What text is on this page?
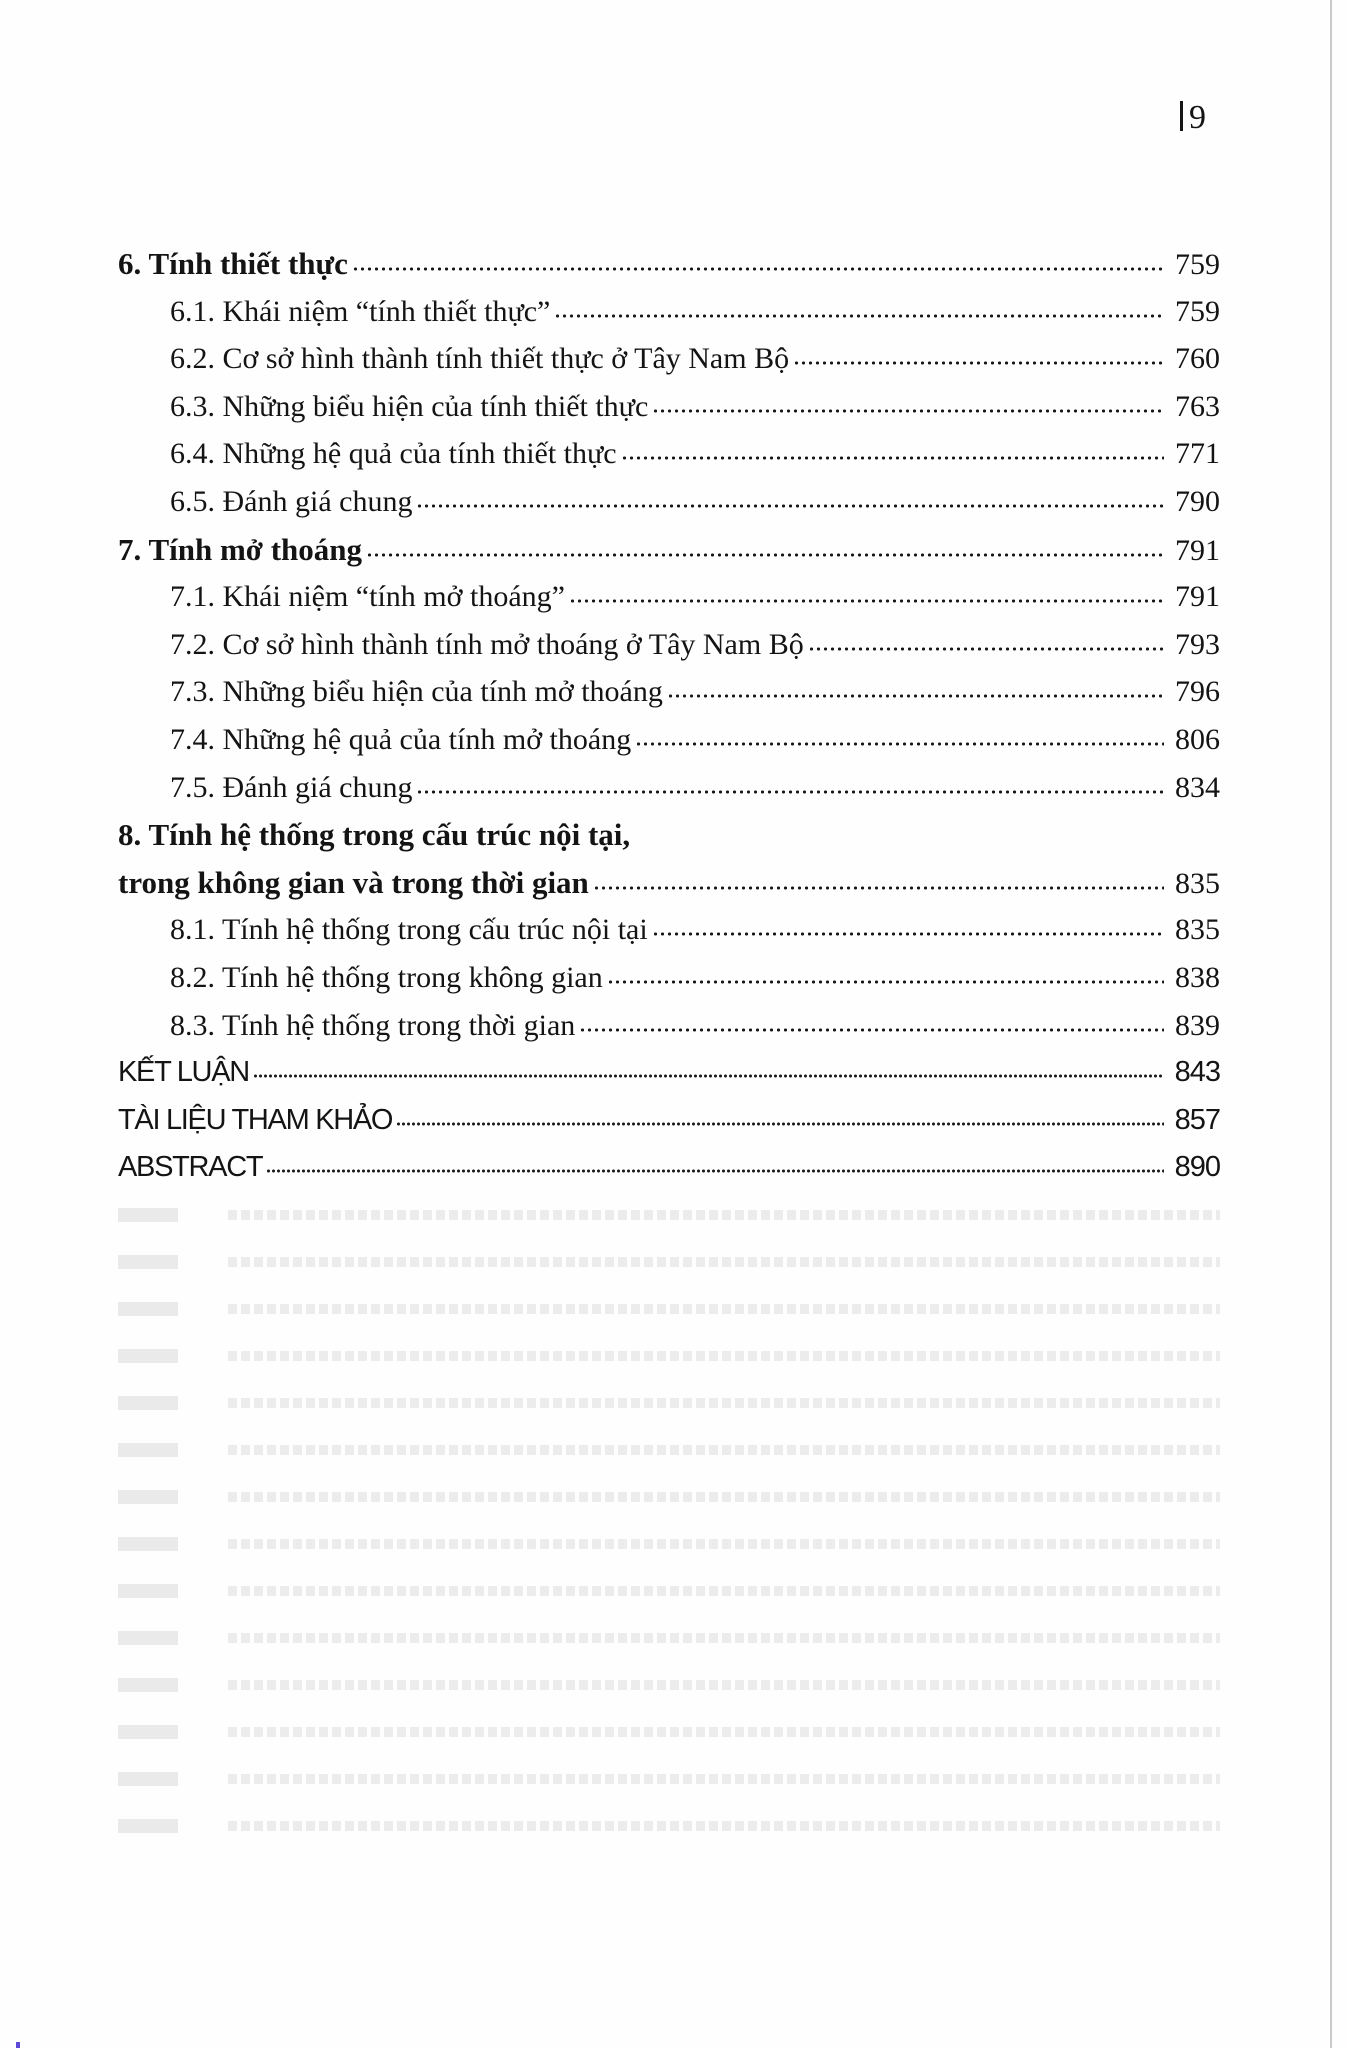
9
6. Tính thiết thực	759
6.1. Khái niệm “tính thiết thực”	759
6.2. Cơ sở hình thành tính thiết thực ở Tây Nam Bộ	760
6.3. Những biểu hiện của tính thiết thực	763
6.4. Những hệ quả của tính thiết thực	771
6.5. Đánh giá chung	790
7. Tính mở thoáng	791
7.1. Khái niệm “tính mở thoáng”	791
7.2. Cơ sở hình thành tính mở thoáng ở Tây Nam Bộ	793
7.3. Những biểu hiện của tính mở thoáng	796
7.4. Những hệ quả của tính mở thoáng	806
7.5. Đánh giá chung	834
8. Tính hệ thống trong cấu trúc nội tại,
trong không gian và trong thời gian	835
8.1. Tính hệ thống trong cấu trúc nội tại	835
8.2. Tính hệ thống trong không gian	838
8.3. Tính hệ thống trong thời gian	839
KẾT LUẬN	843
TÀI LIỆU THAM KHẢO	857
ABSTRACT	890
